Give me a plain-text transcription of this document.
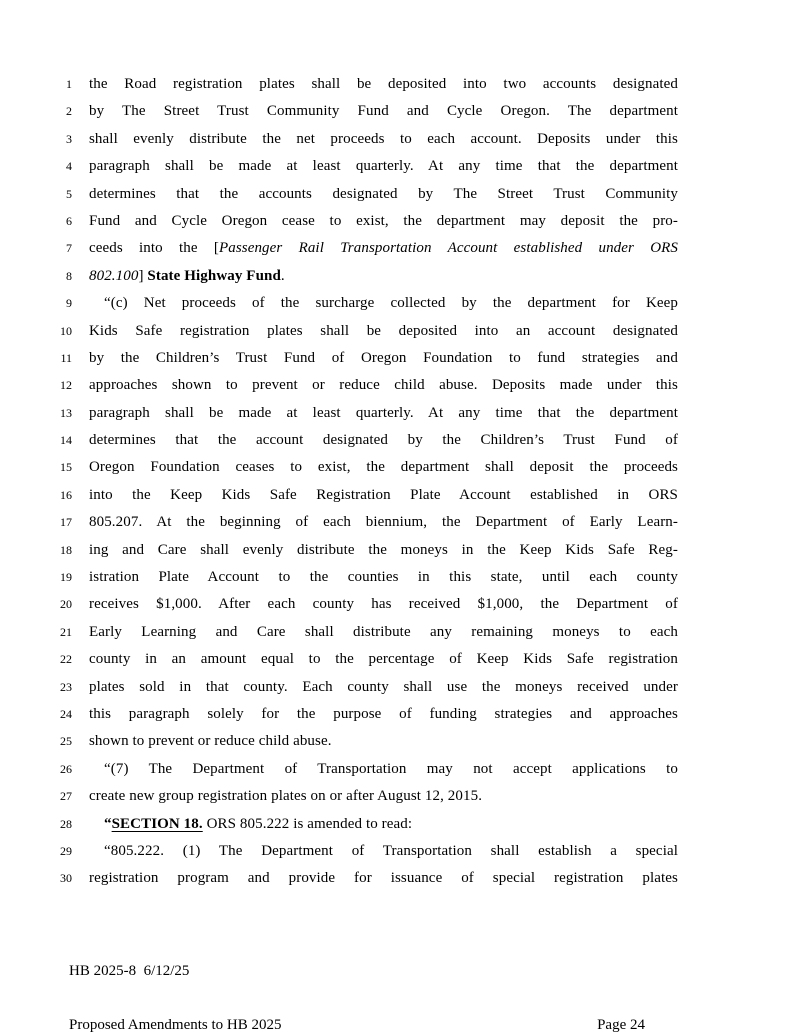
1 the Road registration plates shall be deposited into two accounts designated
2 by The Street Trust Community Fund and Cycle Oregon. The department
3 shall evenly distribute the net proceeds to each account. Deposits under this
4 paragraph shall be made at least quarterly. At any time that the department
5 determines that the accounts designated by The Street Trust Community
6 Fund and Cycle Oregon cease to exist, the department may deposit the pro-
7 ceeds into the [Passenger Rail Transportation Account established under ORS
8 802.100] State Highway Fund.
9	“(c) Net proceeds of the surcharge collected by the department for Keep
10 Kids Safe registration plates shall be deposited into an account designated
11 by the Children’s Trust Fund of Oregon Foundation to fund strategies and
12 approaches shown to prevent or reduce child abuse. Deposits made under this
13 paragraph shall be made at least quarterly. At any time that the department
14 determines that the account designated by the Children’s Trust Fund of
15 Oregon Foundation ceases to exist, the department shall deposit the proceeds
16 into the Keep Kids Safe Registration Plate Account established in ORS
17 805.207. At the beginning of each biennium, the Department of Early Learn-
18 ing and Care shall evenly distribute the moneys in the Keep Kids Safe Reg-
19 istration Plate Account to the counties in this state, until each county
20 receives $1,000. After each county has received $1,000, the Department of
21 Early Learning and Care shall distribute any remaining moneys to each
22 county in an amount equal to the percentage of Keep Kids Safe registration
23 plates sold in that county. Each county shall use the moneys received under
24 this paragraph solely for the purpose of funding strategies and approaches
25 shown to prevent or reduce child abuse.
26	“(7) The Department of Transportation may not accept applications to
27 create new group registration plates on or after August 12, 2015.
28	“SECTION 18. ORS 805.222 is amended to read:
29	“805.222. (1) The Department of Transportation shall establish a special
30 registration program and provide for issuance of special registration plates

HB 2025-8  6/12/25

Proposed Amendments to HB 2025	Page 24
